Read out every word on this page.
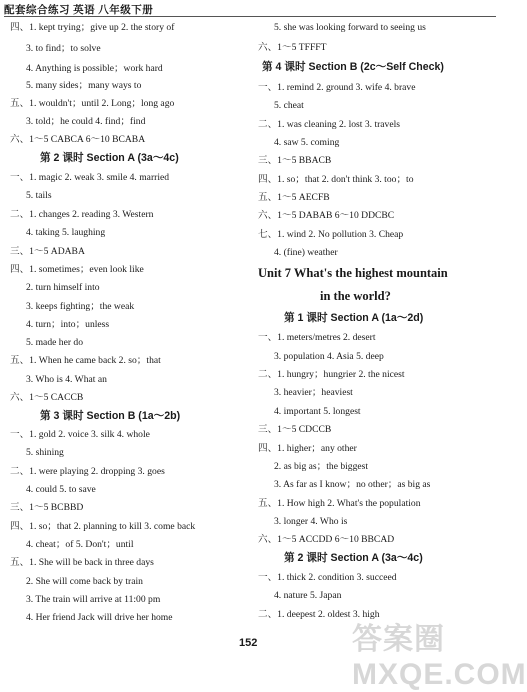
配套综合练习 英语 八年级下册
四、1. kept trying；give up 2. the story of
3. to find；to solve
4. Anything is possible；work hard
5. many sides；many ways to
五、1. wouldn't；until 2. Long；long ago
3. told；he could 4. find；find
六、1～5 CABCA 6～10 BCABA
第 2 课时 Section A (3a～4c)
一、1. magic 2. weak 3. smile 4. married
5. tails
二、1. changes 2. reading 3. Western
4. taking 5. laughing
三、1～5 ADABA
四、1. sometimes；even look like
2. turn himself into
3. keeps fighting；the weak
4. turn；into；unless
5. made her do
五、1. When he came back 2. so；that
3. Who is 4. What an
六、1～5 CACCB
第 3 课时 Section B (1a～2b)
一、1. gold 2. voice 3. silk 4. whole
5. shining
二、1. were playing 2. dropping 3. goes
4. could 5. to save
三、1～5 BCBBD
四、1. so；that 2. planning to kill 3. come back
4. cheat；of 5. Don't；until
五、1. She will be back in three days
2. She will come back by train
3. The train will arrive at 11:00 pm
4. Her friend Jack will drive her home
5. she was looking forward to seeing us
六、1～5 TFFFT
第 4 课时 Section B (2c～Self Check)
一、1. remind 2. ground 3. wife 4. brave
5. cheat
二、1. was cleaning 2. lost 3. travels
4. saw 5. coming
三、1～5 BBACB
四、1. so；that 2. don't think 3. too；to
五、1～5 AECFB
六、1～5 DABAB 6～10 DDCBC
七、1. wind 2. No pollution 3. Cheap
4. (fine) weather
Unit 7 What's the highest mountain
in the world?
第 1 课时 Section A (1a～2d)
一、1. meters/metres 2. desert
3. population 4. Asia 5. deep
二、1. hungry；hungrier 2. the nicest
3. heavier；heaviest
4. important 5. longest
三、1～5 CDCCB
四、1. higher；any other
2. as big as；the biggest
3. As far as I know；no other；as big as
五、1. How high 2. What's the population
3. longer 4. Who is
六、1～5 ACCDD 6～10 BBCAD
第 2 课时 Section A (3a～4c)
一、1. thick 2. condition 3. succeed
4. nature 5. Japan
二、1. deepest 2. oldest 3. high
152	答案圈 MXQE.COM
